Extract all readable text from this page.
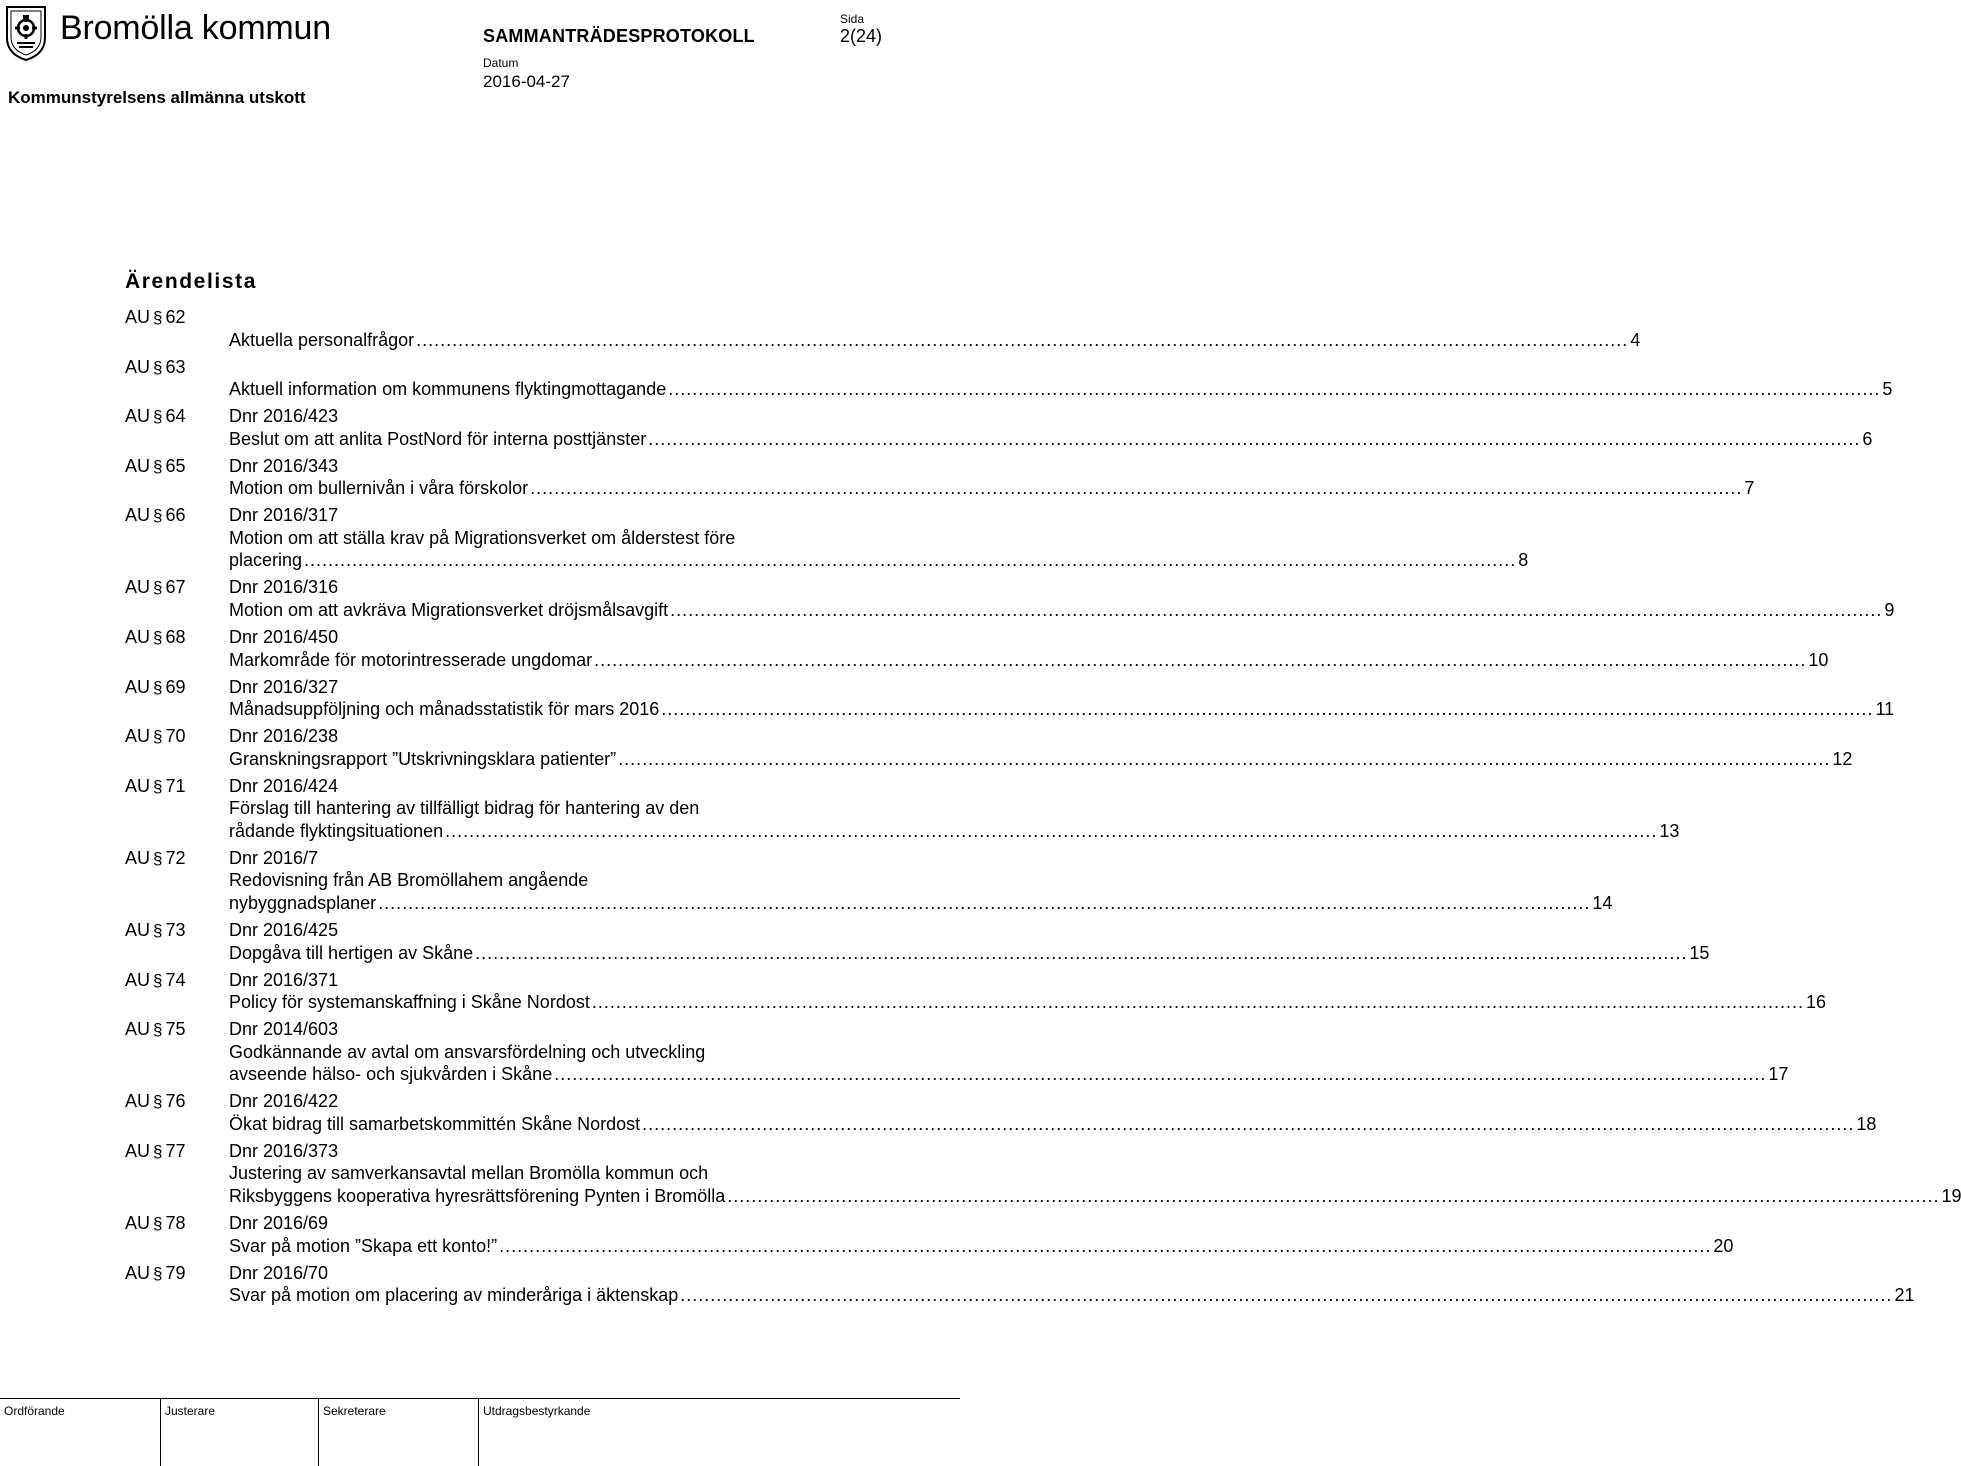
Bromölla kommun
Kommunstyrelsens allmänna utskott
SAMMANTRÄDESPROTOKOLL
Datum
2016-04-27
Sida
2(24)
Ärendelista
AU § 62
Aktuella personalfrågor .....	4
AU § 63
Aktuell information om kommunens flyktingmottagande .....	5
AU § 64	Dnr 2016/423
Beslut om att anlita PostNord för interna posttjänster .....	6
AU § 65	Dnr 2016/343
Motion om bullernivån i våra förskolor .....	7
AU § 66	Dnr 2016/317
Motion om att ställa krav på Migrationsverket om ålderstest före
placering .....	8
AU § 67	Dnr 2016/316
Motion om att avkräva Migrationsverket dröjsmålsavgift .....	9
AU § 68	Dnr 2016/450
Markområde för motorintresserade ungdomar .....	10
AU § 69	Dnr 2016/327
Månadsuppföljning och månadsstatistik för mars 2016 .....	11
AU § 70	Dnr 2016/238
Granskningsrapport ”Utskrivningsklara patienter” .....	12
AU § 71	Dnr 2016/424
Förslag till hantering av tillfälligt bidrag för hantering av den
rådande flyktingsituationen .....	13
AU § 72	Dnr 2016/7
Redovisning från AB Bromöllahem angående
nybyggnadsplaner .....	14
AU § 73	Dnr 2016/425
Dopgåva till hertigen av Skåne .....	15
AU § 74	Dnr 2016/371
Policy för systemanskaffning i Skåne Nordost .....	16
AU § 75	Dnr 2014/603
Godkännande av avtal om ansvarsfördelning och utveckling
avseende hälso- och sjukvården i Skåne .....	17
AU § 76	Dnr 2016/422
Ökat bidrag till samarbetskommittén Skåne Nordost .....	18
AU § 77	Dnr 2016/373
Justering av samverkansavtal mellan Bromölla kommun och
Riksbyggens kooperativa hyresrättsförening Pynten i Bromölla .....	19
AU § 78	Dnr 2016/69
Svar på motion ”Skapa ett konto!” .....	20
AU § 79	Dnr 2016/70
Svar på motion om placering av minderåriga i äktenskap .....	21
Ordförande	Justerare	Sekreterare	Utdragsbestyrkande
